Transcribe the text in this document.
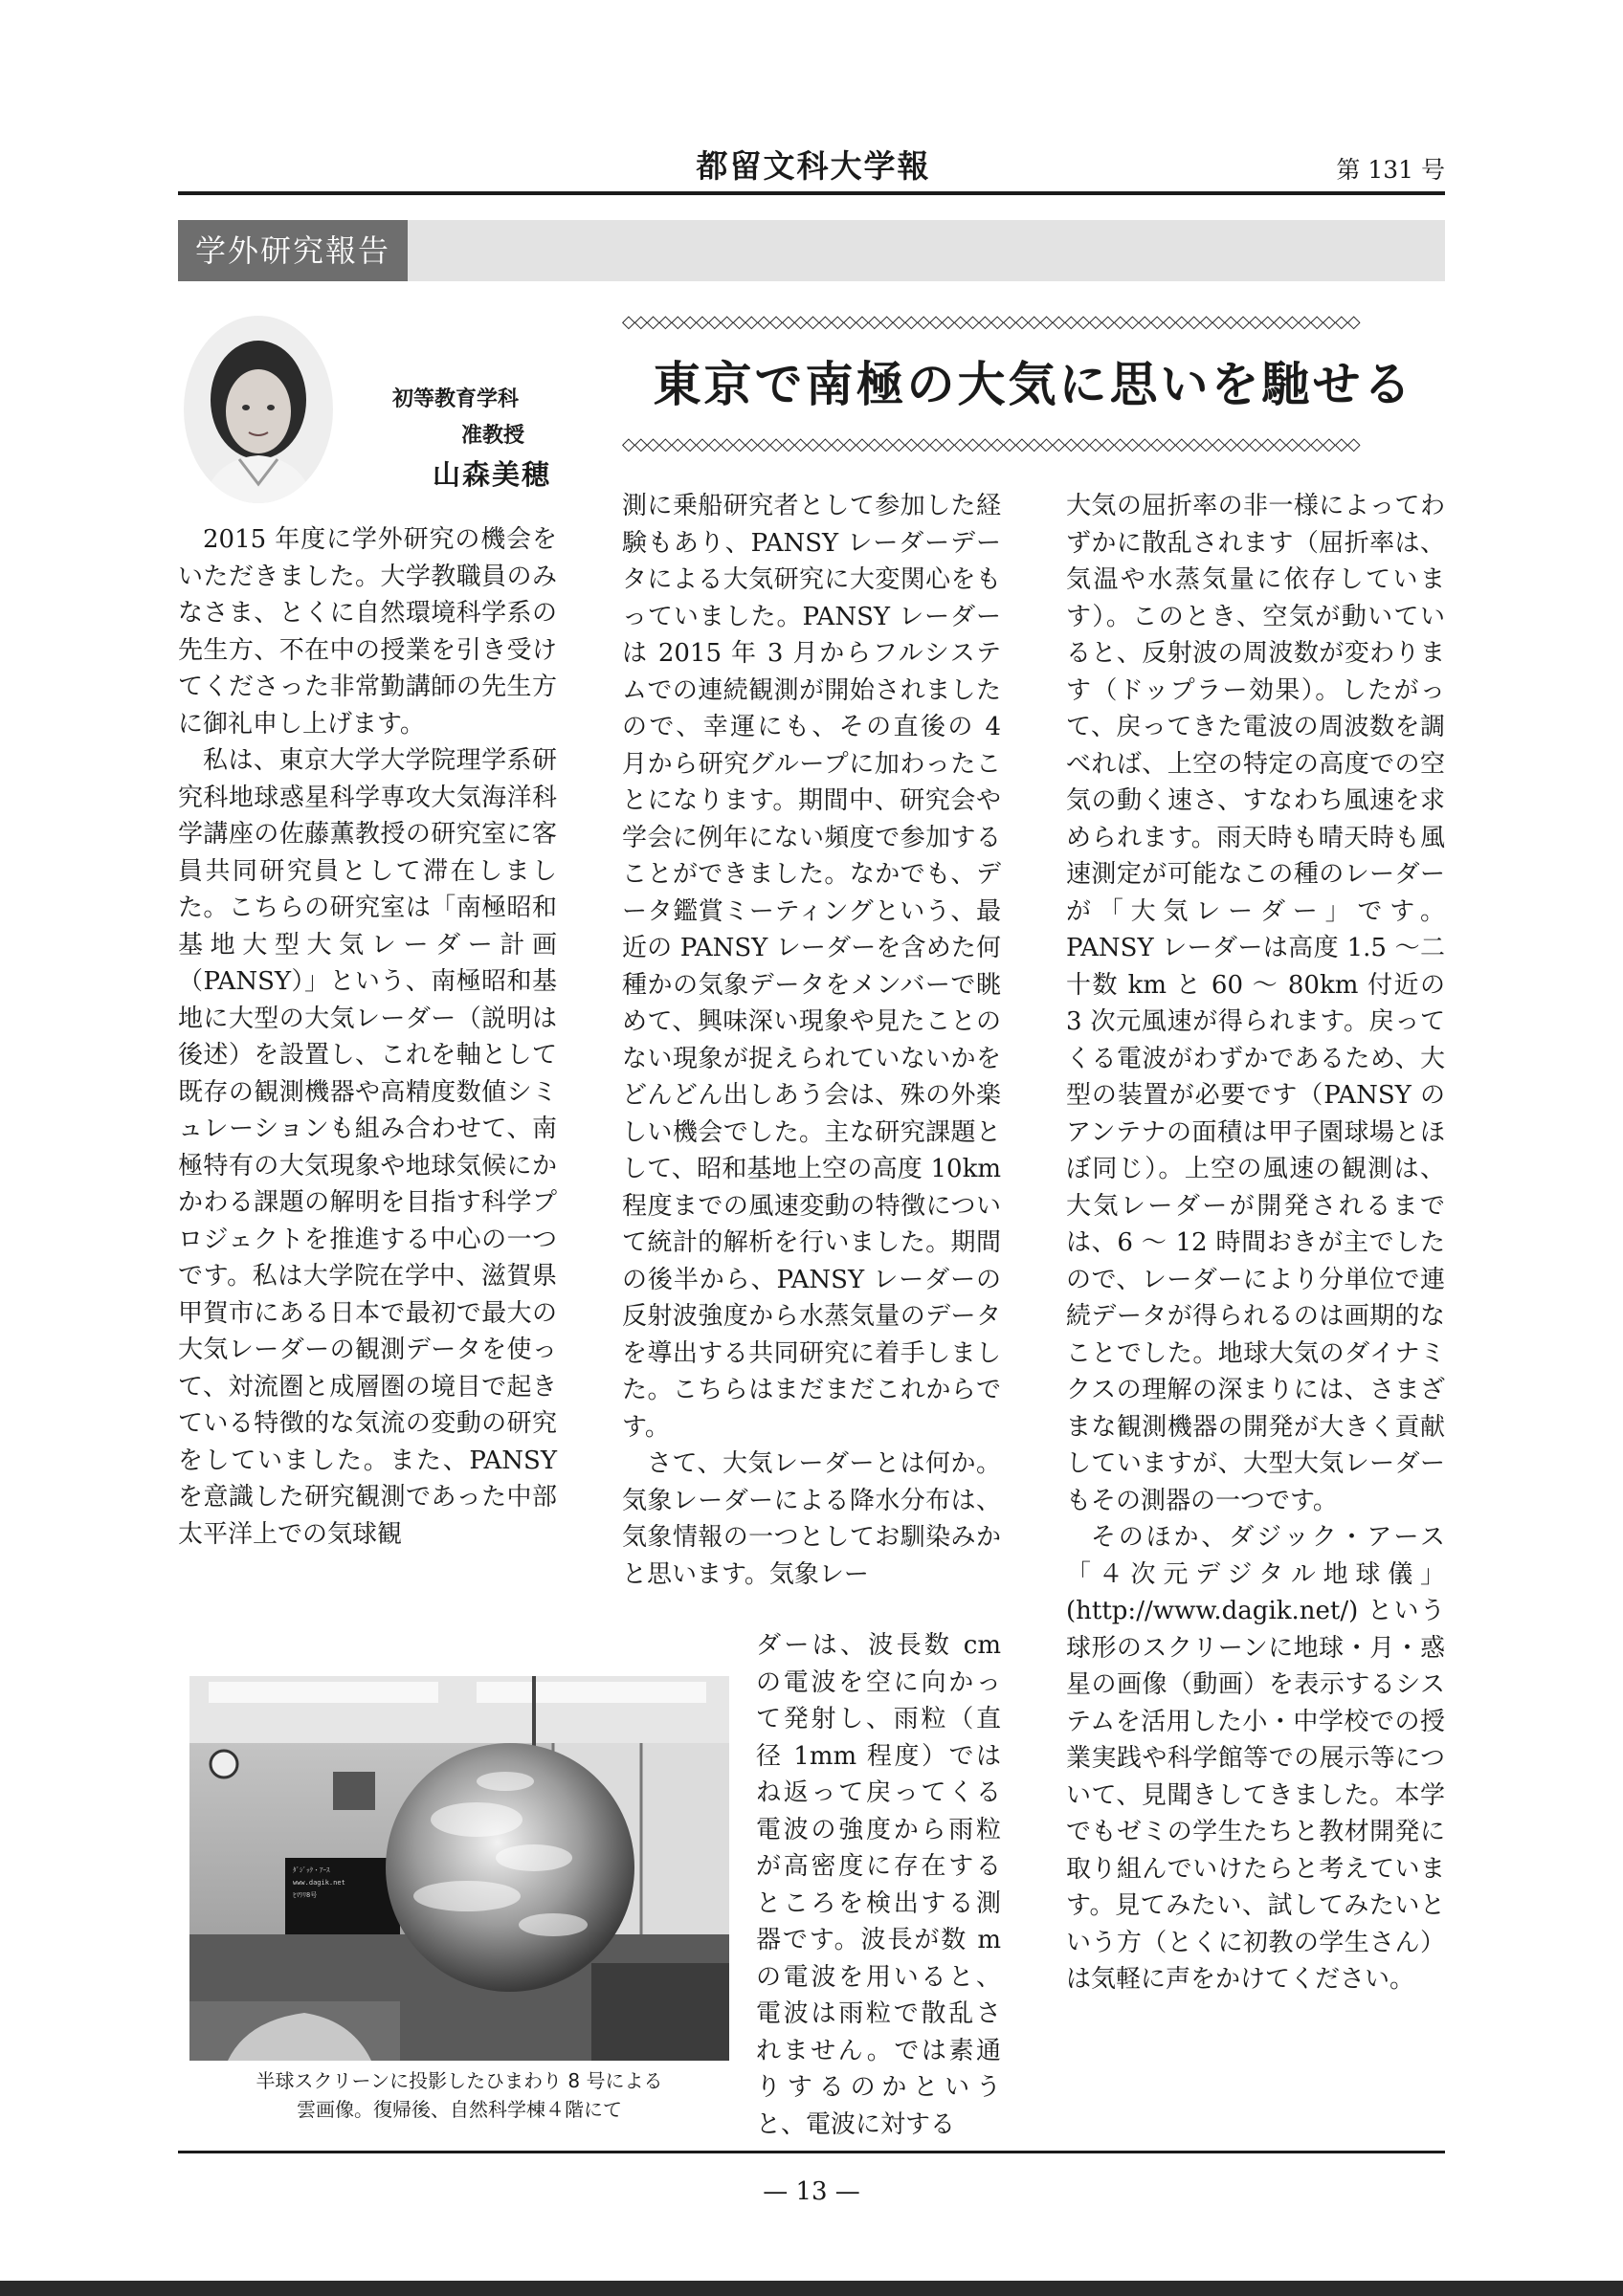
都留文科大学報	第 131 号
学外研究報告
◇◇◇◇◇◇◇◇◇◇◇◇◇◇◇◇◇◇◇◇◇◇◇◇◇◇◇◇◇◇◇◇◇◇◇◇◇◇◇◇◇◇◇◇◇◇◇◇◇◇◇◇◇◇◇◇◇◇◇◇
東京で南極の大気に思いを馳せる
◇◇◇◇◇◇◇◇◇◇◇◇◇◇◇◇◇◇◇◇◇◇◇◇◇◇◇◇◇◇◇◇◇◇◇◇◇◇◇◇◇◇◇◇◇◇◇◇◇◇◇◇◇◇◇◇◇◇◇◇
初等教育学科
准教授
山森美穂

2015 年度に学外研究の機会をいただきました。大学教職員のみなさま、とくに自然環境科学系の先生方、不在中の授業を引き受けてくださった非常勤講師の先生方に御礼申し上げます。

私は、東京大学大学院理学系研究科地球惑星科学専攻大気海洋科学講座の佐藤薫教授の研究室に客員共同研究員として滞在しました。こちらの研究室は「南極昭和基地大型大気レーダー計画（PANSY）」という、南極昭和基地に大型の大気レーダー（説明は後述）を設置し、これを軸として既存の観測機器や高精度数値シミュレーションも組み合わせて、南極特有の大気現象や地球気候にかかわる課題の解明を目指す科学プロジェクトを推進する中心の一つです。私は大学院在学中、滋賀県甲賀市にある日本で最初で最大の大気レーダーの観測データを使って、対流圏と成層圏の境目で起きている特徴的な気流の変動の研究をしていました。また、PANSY を意識した研究観測であった中部太平洋上での気球観

測に乗船研究者として参加した経験もあり、PANSY レーダーデータによる大気研究に大変関心をもっていました。PANSY レーダーは 2015 年 3 月からフルシステムでの連続観測が開始されましたので、幸運にも、その直後の 4 月から研究グループに加わったことになります。期間中、研究会や学会に例年にない頻度で参加することができました。なかでも、データ鑑賞ミーティングという、最近の PANSY レーダーを含めた何種かの気象データをメンバーで眺めて、興味深い現象や見たことのない現象が捉えられていないかをどんどん出しあう会は、殊の外楽しい機会でした。主な研究課題として、昭和基地上空の高度 10km 程度までの風速変動の特徴について統計的解析を行いました。期間の後半から、PANSY レーダーの反射波強度から水蒸気量のデータを導出する共同研究に着手しました。こちらはまだまだこれからです。

さて、大気レーダーとは何か。気象レーダーによる降水分布は、気象情報の一つとしてお馴染みかと思います。気象レー

ダーは、波長数 cm の電波を空に向かって発射し、雨粒（直径 1mm 程度）では ね返って戻ってくる電波の強度から雨粒が高密度に存在するところを検出する測器です。波長が数 m の電波を用いると、電波は雨粒で散乱されません。では素通りするのかというと、電波に対する

大気の屈折率の非一様によってわずかに散乱されます（屈折率は、気温や水蒸気量に依存しています）。このとき、空気が動いていると、反射波の周波数が変わります（ドップラー効果）。したがって、戻ってきた電波の周波数を調べれば、上空の特定の高度での空気の動く速さ、すなわち風速を求められます。雨天時も晴天時も風速測定が可能なこの種のレーダーが「大気レーダー」です。PANSY レーダーは高度 1.5 ～二十数 km と 60 ～ 80km 付近の 3 次元風速が得られます。戻ってくる電波がわずかであるため、大型の装置が必要です（PANSY のアンテナの面積は甲子園球場とほぼ同じ）。上空の風速の観測は、大気レーダーが開発されるまでは、6 ～ 12 時間おきが主でしたので、レーダーにより分単位で連続データが得られるのは画期的なことでした。地球大気のダイナミクスの理解の深まりには、さまざまな観測機器の開発が大きく貢献していますが、大型大気レーダーもその測器の一つです。

そのほか、ダジック・アース「４次元デジタル地球儀」(http://www.dagik.net/) という球形のスクリーンに地球・月・惑星の画像（動画）を表示するシステムを活用した小・中学校での授業実践や科学館等での展示等について、見聞きしてきました。本学でもゼミの学生たちと教材開発に取り組んでいけたらと考えています。見てみたい、試してみたいという方（とくに初教の学生さん）は気軽に声をかけてください。

ﾀﾞｼﾞｯｸ・ｱｰｽ
www.dagik.net
ﾋﾏﾜﾘ8号
半球スクリーンに投影したひまわり 8 号による
雲画像。復帰後、自然科学棟４階にて
— 13 —
